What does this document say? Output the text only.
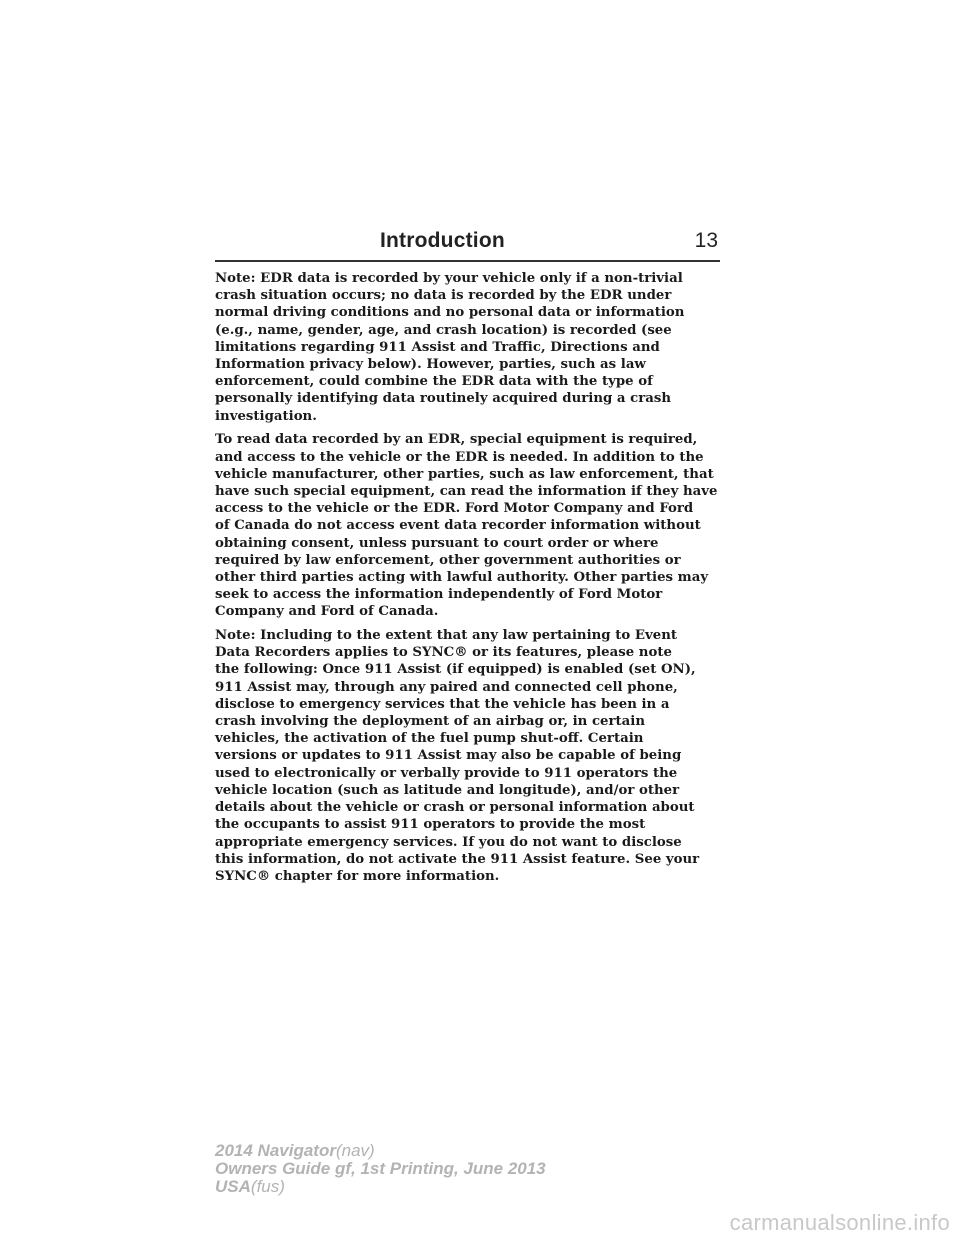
Introduction	13

Note: EDR data is recorded by your vehicle only if a non-trivial
crash situation occurs; no data is recorded by the EDR under
normal driving conditions and no personal data or information
(e.g., name, gender, age, and crash location) is recorded (see
limitations regarding 911 Assist and Traffic, Directions and
Information privacy below). However, parties, such as law
enforcement, could combine the EDR data with the type of
personally identifying data routinely acquired during a crash
investigation.

To read data recorded by an EDR, special equipment is required,
and access to the vehicle or the EDR is needed. In addition to the
vehicle manufacturer, other parties, such as law enforcement, that
have such special equipment, can read the information if they have
access to the vehicle or the EDR. Ford Motor Company and Ford
of Canada do not access event data recorder information without
obtaining consent, unless pursuant to court order or where
required by law enforcement, other government authorities or
other third parties acting with lawful authority. Other parties may
seek to access the information independently of Ford Motor
Company and Ford of Canada.

Note: Including to the extent that any law pertaining to Event
Data Recorders applies to SYNC® or its features, please note
the following: Once 911 Assist (if equipped) is enabled (set ON),
911 Assist may, through any paired and connected cell phone,
disclose to emergency services that the vehicle has been in a
crash involving the deployment of an airbag or, in certain
vehicles, the activation of the fuel pump shut-off. Certain
versions or updates to 911 Assist may also be capable of being
used to electronically or verbally provide to 911 operators the
vehicle location (such as latitude and longitude), and/or other
details about the vehicle or crash or personal information about
the occupants to assist 911 operators to provide the most
appropriate emergency services. If you do not want to disclose
this information, do not activate the 911 Assist feature. See your
SYNC® chapter for more information.

2014 Navigator(nav)
Owners Guide gf, 1st Printing, June 2013
USA(fus)
carmanualsonline.info
